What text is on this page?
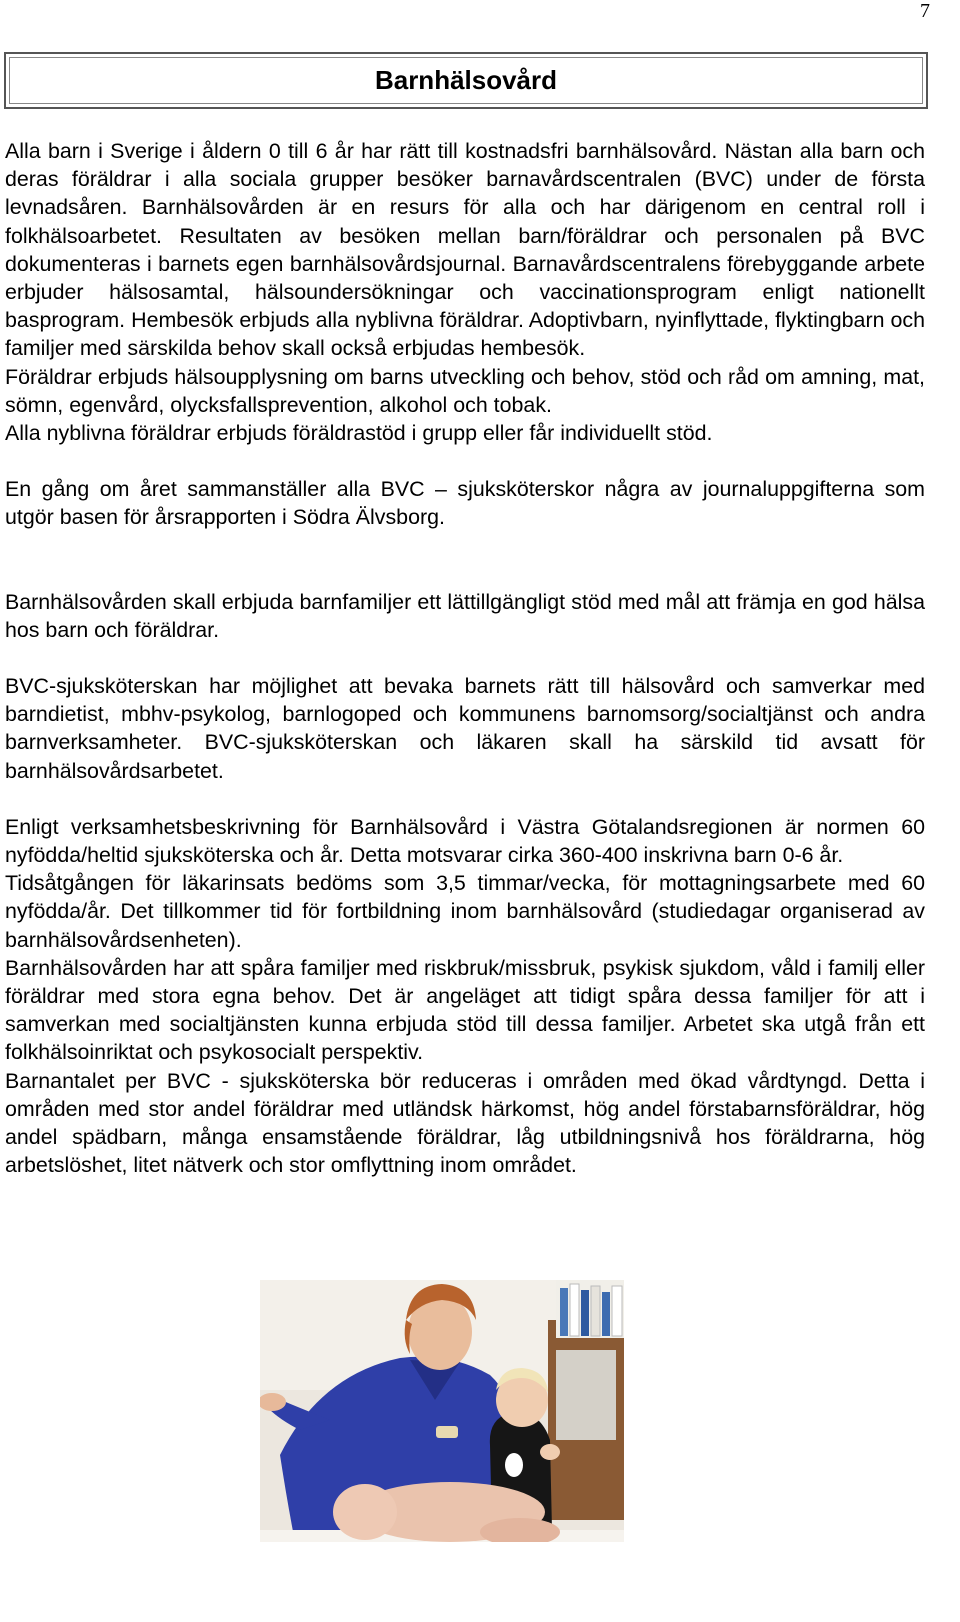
7
Barnhälsovård

Alla barn i Sverige i åldern 0 till 6 år har rätt till kostnadsfri barnhälsovård. Nästan alla barn och deras föräldrar i alla sociala grupper besöker barnavårdscentralen (BVC) under de första levnadsåren. Barnhälsovården är en resurs för alla och har därigenom en central roll i folkhälsoarbetet. Resultaten av besöken mellan barn/föräldrar och personalen på BVC dokumenteras i barnets egen barnhälsovårdsjournal. Barnavårdscentralens förebyggande arbete erbjuder hälsosamtal, hälsoundersökningar och vaccinationsprogram enligt nationellt basprogram. Hembesök erbjuds alla nyblivna föräldrar. Adoptivbarn, nyinflyttade, flyktingbarn och familjer med särskilda behov skall också erbjudas hembesök.

Föräldrar erbjuds hälsoupplysning om barns utveckling och behov, stöd och råd om amning, mat, sömn, egenvård, olycksfallsprevention, alkohol och tobak.

Alla nyblivna föräldrar erbjuds föräldrastöd i grupp eller får individuellt stöd.

En gång om året sammanställer alla BVC – sjuksköterskor några av journaluppgifterna som utgör basen för årsrapporten i Södra Älvsborg.

Barnhälsovården skall erbjuda barnfamiljer ett lättillgängligt stöd med mål att främja en god hälsa hos barn och föräldrar.

BVC-sjuksköterskan har möjlighet att bevaka barnets rätt till hälsovård och samverkar med barndietist, mbhv-psykolog, barnlogoped och kommunens barnomsorg/socialtjänst och andra barnverksamheter. BVC-sjuksköterskan och läkaren skall ha särskild tid avsatt för barnhälsovårdsarbetet.

Enligt verksamhetsbeskrivning för Barnhälsovård i Västra Götalandsregionen är normen 60 nyfödda/heltid sjuksköterska och år. Detta motsvarar cirka 360-400 inskrivna barn 0-6 år.

Tidsåtgången för läkarinsats bedöms som 3,5 timmar/vecka, för mottagningsarbete med 60 nyfödda/år. Det tillkommer tid för fortbildning inom barnhälsovård (studiedagar organiserad av barnhälsovårdsenheten).

Barnhälsovården har att spåra familjer med riskbruk/missbruk, psykisk sjukdom, våld i familj eller föräldrar med stora egna behov. Det är angeläget att tidigt spåra dessa familjer för att i samverkan med socialtjänsten kunna erbjuda stöd till dessa familjer. Arbetet ska utgå från ett folkhälsoinriktat och psykosocialt perspektiv.

Barnantalet per BVC - sjuksköterska bör reduceras i områden med ökad vårdtyngd. Detta i områden med stor andel föräldrar med utländsk härkomst, hög andel förstabarnsföräldrar, hög andel spädbarn, många ensamstående föräldrar, låg utbildningsnivå hos föräldrarna, hög arbetslöshet, litet nätverk och stor omflyttning inom området.
